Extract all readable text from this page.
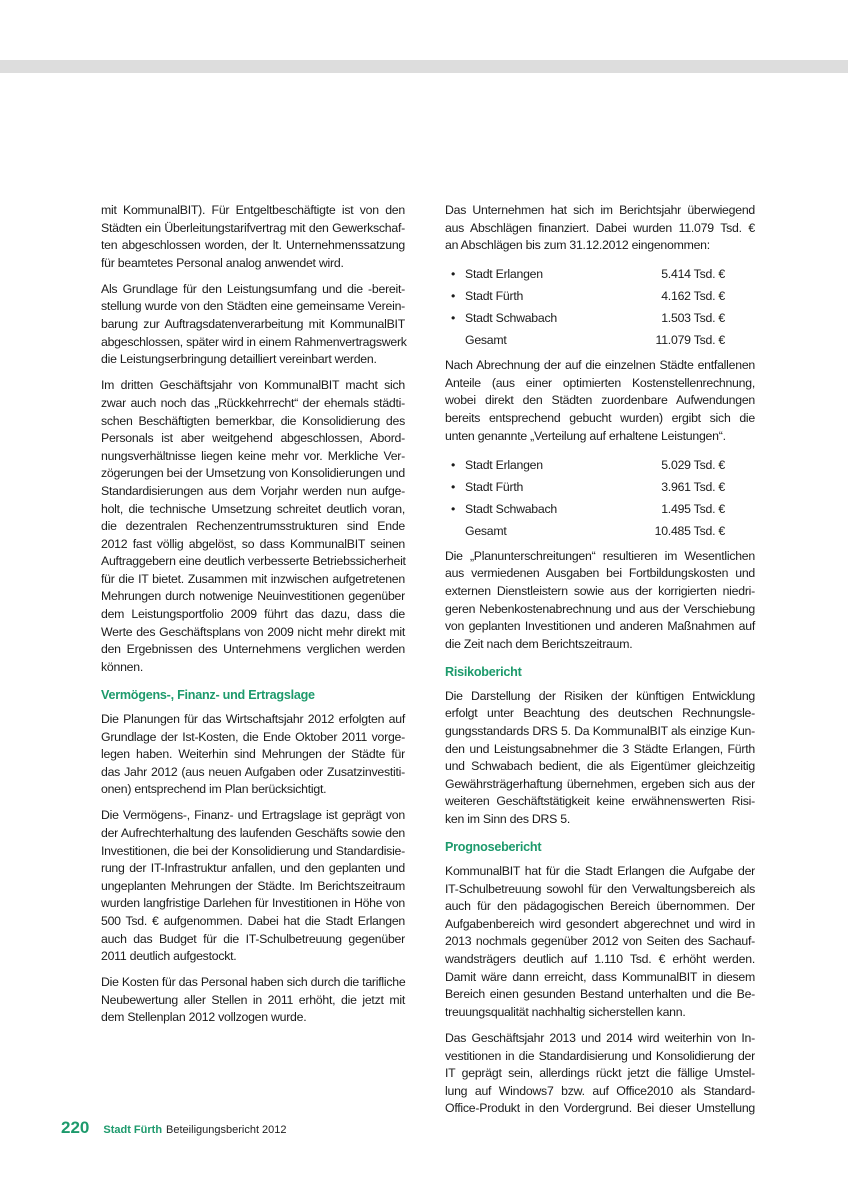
mit KommunalBIT). Für Entgeltbeschäftigte ist von den
Städten ein Überleitungstarifvertrag mit den Gewerkschaf-
ten abgeschlossen worden, der lt. Unternehmenssatzung
für beamtetes Personal analog anwendet wird.
Als Grundlage für den Leistungsumfang und die -bereit-
stellung wurde von den Städten eine gemeinsame Verein-
barung zur Auftragsdatenverarbeitung mit KommunalBIT
abgeschlossen, später wird in einem Rahmenvertragswerk
die Leistungserbringung detailliert vereinbart werden.
Im dritten Geschäftsjahr von KommunalBIT macht sich
zwar auch noch das „Rückkehrrecht“ der ehemals städti-
schen Beschäftigten bemerkbar, die Konsolidierung des
Personals ist aber weitgehend abgeschlossen, Abord-
nungsverhältnisse liegen keine mehr vor. Merkliche Ver-
zögerungen bei der Umsetzung von Konsolidierungen und
Standardisierungen aus dem Vorjahr werden nun aufge-
holt, die technische Umsetzung schreitet deutlich voran,
die dezentralen Rechenzentrumsstrukturen sind Ende
2012 fast völlig abgelöst, so dass KommunalBIT seinen
Auftraggebern eine deutlich verbesserte Betriebssicherheit
für die IT bietet. Zusammen mit inzwischen aufgetretenen
Mehrungen durch notwenige Neuinvestitionen gegenüber
dem Leistungsportfolio 2009 führt das dazu, dass die
Werte des Geschäftsplans von 2009 nicht mehr direkt mit
den Ergebnissen des Unternehmens verglichen werden
können.
Vermögens-, Finanz- und Ertragslage
Die Planungen für das Wirtschaftsjahr 2012 erfolgten auf
Grundlage der Ist-Kosten, die Ende Oktober 2011 vorge-
legen haben. Weiterhin sind Mehrungen der Städte für
das Jahr 2012 (aus neuen Aufgaben oder Zusatzinvestiti-
onen) entsprechend im Plan berücksichtigt.
Die Vermögens-, Finanz- und Ertragslage ist geprägt von
der Aufrechterhaltung des laufenden Geschäfts sowie den
Investitionen, die bei der Konsolidierung und Standardisie-
rung der IT-Infrastruktur anfallen, und den geplanten und
ungeplanten Mehrungen der Städte. Im Berichtszeitraum
wurden langfristige Darlehen für Investitionen in Höhe von
500 Tsd. € aufgenommen. Dabei hat die Stadt Erlangen
auch das Budget für die IT-Schulbetreuung gegenüber
2011 deutlich aufgestockt.
Die Kosten für das Personal haben sich durch die tarifliche
Neubewertung aller Stellen in 2011 erhöht, die jetzt mit
dem Stellenplan 2012 vollzogen wurde.
Das Unternehmen hat sich im Berichtsjahr überwiegend
aus Abschlägen finanziert. Dabei wurden 11.079 Tsd. €
an Abschlägen bis zum 31.12.2012 eingenommen:
• Stadt Erlangen	5.414 Tsd. €
• Stadt Fürth	4.162 Tsd. €
• Stadt Schwabach	1.503 Tsd. €
Gesamt	11.079 Tsd. €
Nach Abrechnung der auf die einzelnen Städte entfallenen
Anteile (aus einer optimierten Kostenstellenrechnung,
wobei direkt den Städten zuordenbare Aufwendungen
bereits entsprechend gebucht wurden) ergibt sich die
unten genannte „Verteilung auf erhaltene Leistungen“.
• Stadt Erlangen	5.029 Tsd. €
• Stadt Fürth	3.961 Tsd. €
• Stadt Schwabach	1.495 Tsd. €
Gesamt	10.485 Tsd. €
Die „Planunterschreitungen“ resultieren im Wesentlichen
aus vermiedenen Ausgaben bei Fortbildungskosten und
externen Dienstleistern sowie aus der korrigierten niedri-
geren Nebenkostenabrechnung und aus der Verschiebung
von geplanten Investitionen und anderen Maßnahmen auf
die Zeit nach dem Berichtszeitraum.
Risikobericht
Die Darstellung der Risiken der künftigen Entwicklung
erfolgt unter Beachtung des deutschen Rechnungsle-
gungsstandards DRS 5. Da KommunalBIT als einzige Kun-
den und Leistungsabnehmer die 3 Städte Erlangen, Fürth
und Schwabach bedient, die als Eigentümer gleichzeitig
Gewährsträgerhaftung übernehmen, ergeben sich aus der
weiteren Geschäftstätigkeit keine erwähnenswerten Risi-
ken im Sinn des DRS 5.
Prognosebericht
KommunalBIT hat für die Stadt Erlangen die Aufgabe der
IT-Schulbetreuung sowohl für den Verwaltungsbereich als
auch für den pädagogischen Bereich übernommen. Der
Aufgabenbereich wird gesondert abgerechnet und wird in
2013 nochmals gegenüber 2012 von Seiten des Sachauf-
wandsträgers deutlich auf 1.110 Tsd. € erhöht werden.
Damit wäre dann erreicht, dass KommunalBIT in diesem
Bereich einen gesunden Bestand unterhalten und die Be-
treuungsqualität nachhaltig sicherstellen kann.
Das Geschäftsjahr 2013 und 2014 wird weiterhin von In-
vestitionen in die Standardisierung und Konsolidierung der
IT geprägt sein, allerdings rückt jetzt die fällige Umstel-
lung auf Windows7 bzw. auf Office2010 als Standard-
Office-Produkt in den Vordergrund. Bei dieser Umstellung
220 Stadt Fürth Beteiligungsbericht 2012
